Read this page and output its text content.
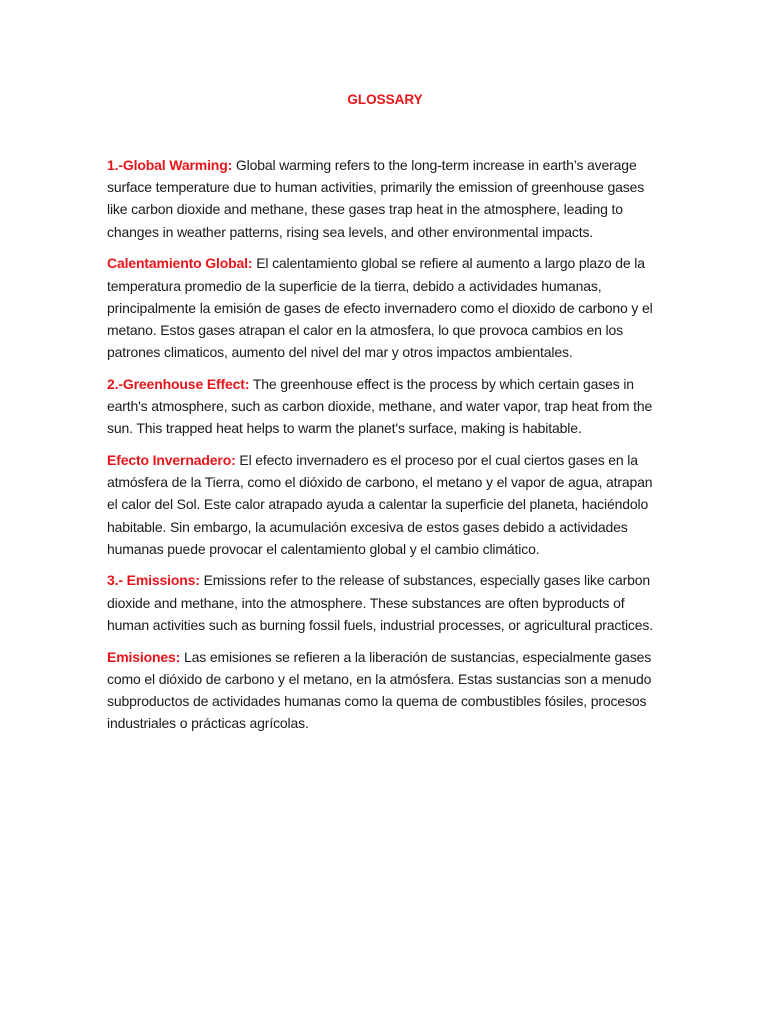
GLOSSARY

1.-Global Warming: Global warming refers to the long-term increase in earth’s average surface temperature due to human activities, primarily the emission of greenhouse gases like carbon dioxide and methane, these gases trap heat in the atmosphere, leading to changes in weather patterns, rising sea levels, and other environmental impacts.

Calentamiento Global: El calentamiento global se refiere al aumento a largo plazo de la temperatura promedio de la superficie de la tierra, debido a actividades humanas, principalmente la emisión de gases de efecto invernadero como el dioxido de carbono y el metano. Estos gases atrapan el calor en la atmosfera, lo que provoca cambios en los patrones climaticos, aumento del nivel del mar y otros impactos ambientales.

2.-Greenhouse Effect: The greenhouse effect is the process by which certain gases in earth's atmosphere, such as carbon dioxide, methane, and water vapor, trap heat from the sun. This trapped heat helps to warm the planet's surface, making is habitable.

Efecto Invernadero: El efecto invernadero es el proceso por el cual ciertos gases en la atmósfera de la Tierra, como el dióxido de carbono, el metano y el vapor de agua, atrapan el calor del Sol. Este calor atrapado ayuda a calentar la superficie del planeta, haciéndolo habitable. Sin embargo, la acumulación excesiva de estos gases debido a actividades humanas puede provocar el calentamiento global y el cambio climático.

3.- Emissions: Emissions refer to the release of substances, especially gases like carbon dioxide and methane, into the atmosphere. These substances are often byproducts of human activities such as burning fossil fuels, industrial processes, or agricultural practices.

Emisiones: Las emisiones se refieren a la liberación de sustancias, especialmente gases como el dióxido de carbono y el metano, en la atmósfera. Estas sustancias son a menudo subproductos de actividades humanas como la quema de combustibles fósiles, procesos industriales o prácticas agrícolas.
